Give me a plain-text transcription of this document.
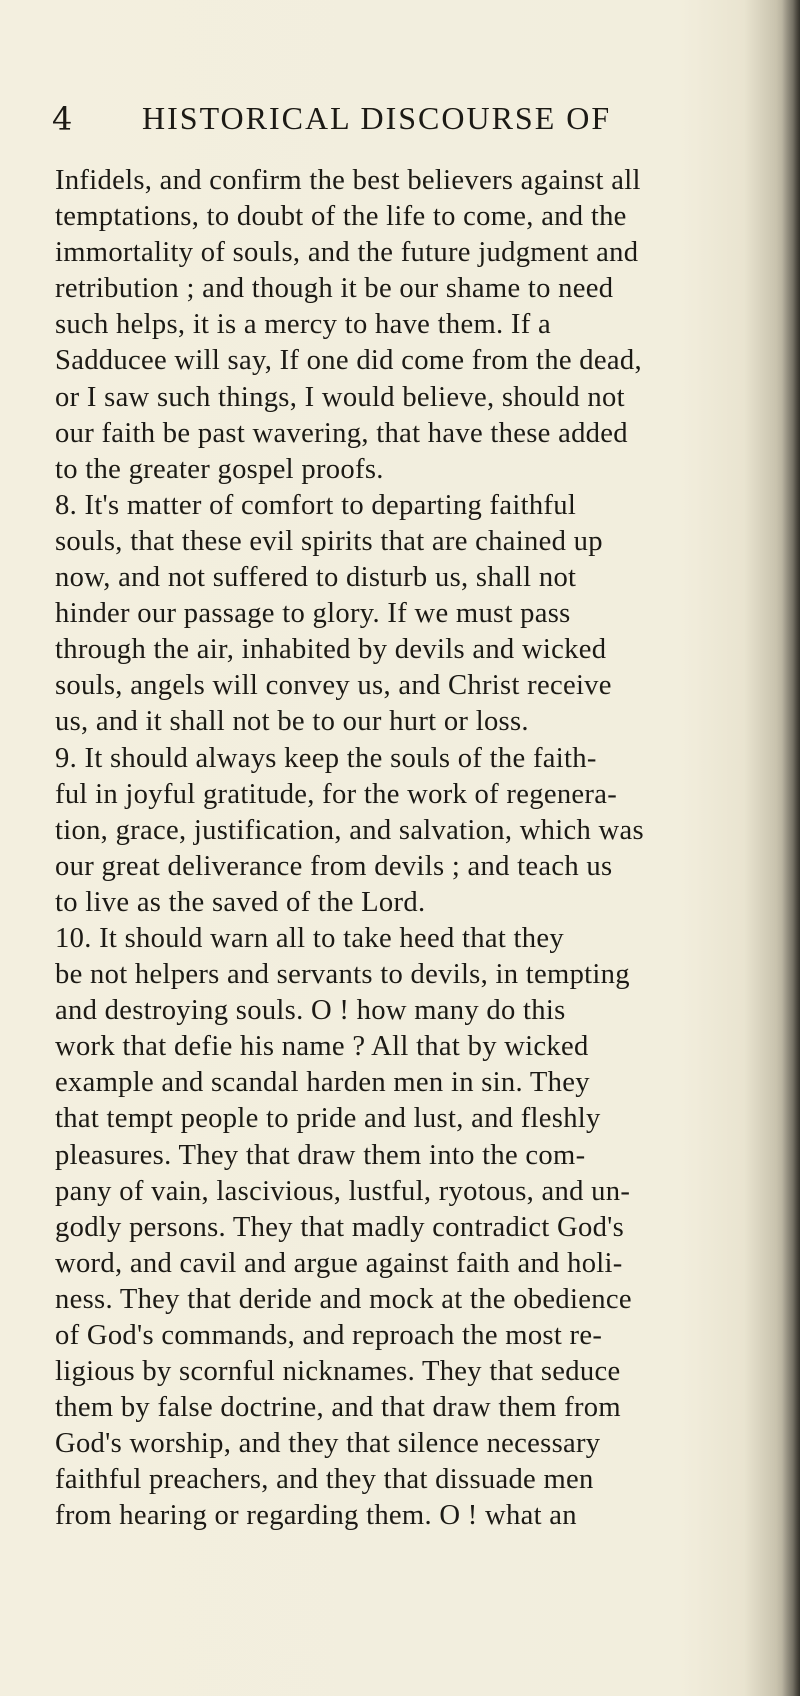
4 HISTORICAL DISCOURSE OF
Infidels, and confirm the best believers against all
temptations, to doubt of the life to come, and the
immortality of souls, and the future judgment and
retribution ; and though it be our shame to need
such helps, it is a mercy to have them. If a
Sadducee will say, If one did come from the dead,
or I saw such things, I would believe, should not
our faith be past wavering, that have these added
to the greater gospel proofs.
8. It's matter of comfort to departing faithful
souls, that these evil spirits that are chained up
now, and not suffered to disturb us, shall not
hinder our passage to glory. If we must pass
through the air, inhabited by devils and wicked
souls, angels will convey us, and Christ receive
us, and it shall not be to our hurt or loss.
9. It should always keep the souls of the faith-
ful in joyful gratitude, for the work of regenera-
tion, grace, justification, and salvation, which was
our great deliverance from devils ; and teach us
to live as the saved of the Lord.
10. It should warn all to take heed that they
be not helpers and servants to devils, in tempting
and destroying souls. O ! how many do this
work that defie his name ? All that by wicked
example and scandal harden men in sin. They
that tempt people to pride and lust, and fleshly
pleasures. They that draw them into the com-
pany of vain, lascivious, lustful, ryotous, and un-
godly persons. They that madly contradict God's
word, and cavil and argue against faith and holi-
ness. They that deride and mock at the obedience
of God's commands, and reproach the most re-
ligious by scornful nicknames. They that seduce
them by false doctrine, and that draw them from
God's worship, and they that silence necessary
faithful preachers, and they that dissuade men
from hearing or regarding them. O ! what an
